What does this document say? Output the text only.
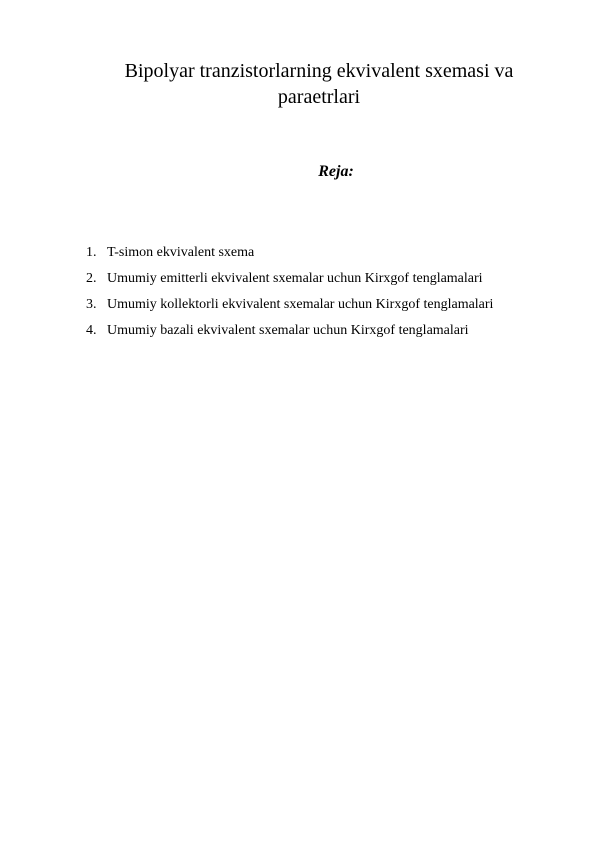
Bipolyar tranzistorlarning ekvivalent sxemasi va paraetrlari
Reja:
1. T-simon ekvivalent sxema
2. Umumiy emitterli ekvivalent sxemalar uchun Kirxgof tenglamalari
3. Umumiy kollektorli ekvivalent sxemalar uchun Kirxgof tenglamalari
4. Umumiy bazali ekvivalent sxemalar uchun Kirxgof tenglamalari
